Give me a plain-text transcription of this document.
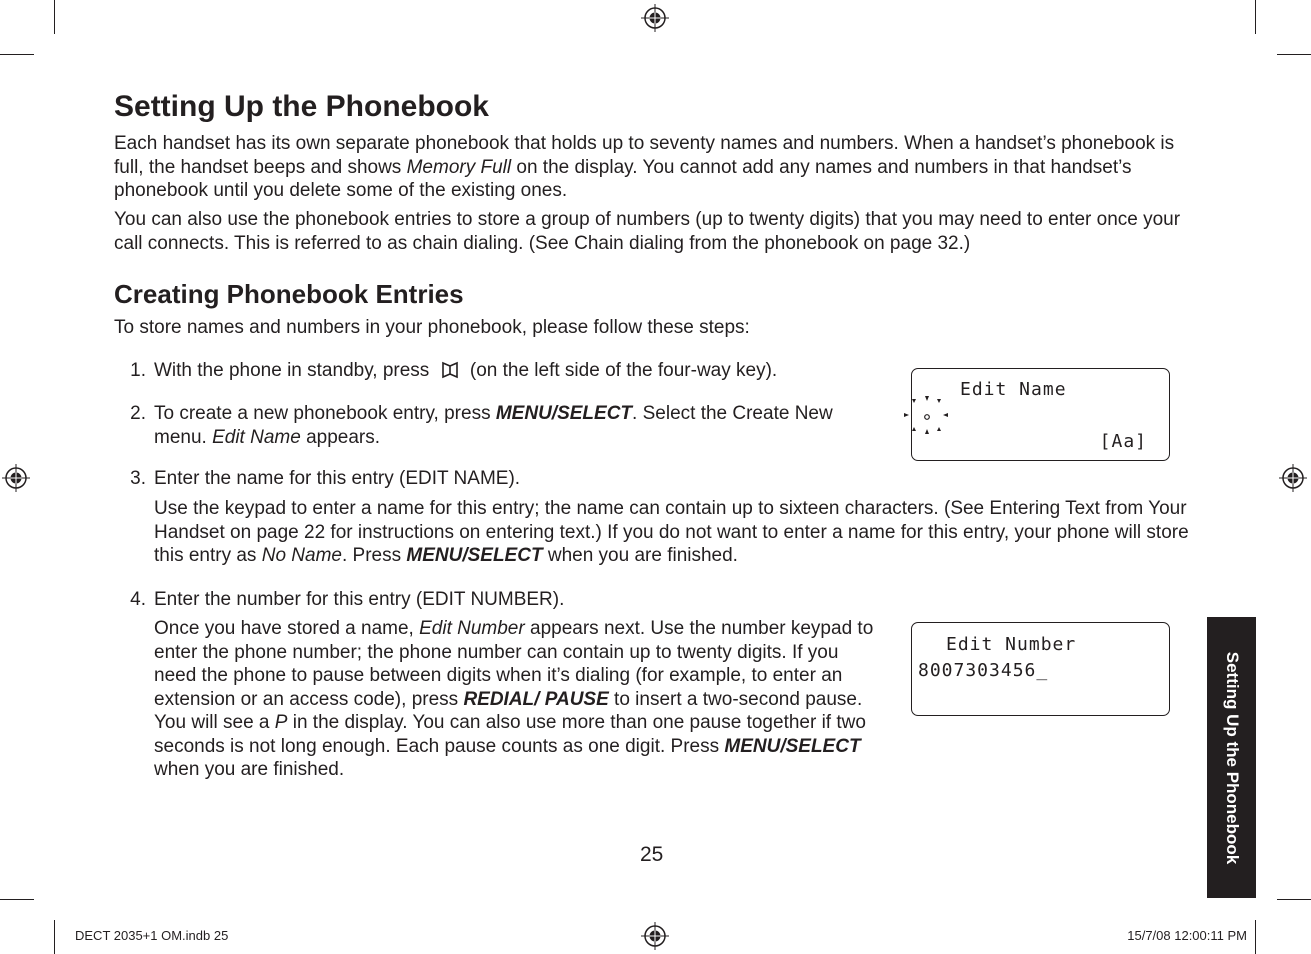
Setting Up the Phonebook

Each handset has its own separate phonebook that holds up to seventy names and numbers. When a handset’s phonebook is full, the handset beeps and shows Memory Full on the display. You cannot add any names and numbers in that handset’s phonebook until you delete some of the existing ones.

You can also use the phonebook entries to store a group of numbers (up to twenty digits) that you may need to enter once your call connects. This is referred to as chain dialing. (See Chain dialing from the phonebook on page 32.)

Creating Phonebook Entries

To store names and numbers in your phonebook, please follow these steps:

1. With the phone in standby, press (on the left side of the four-way key).

2. To create a new phonebook entry, press MENU/SELECT. Select the Create New menu. Edit Name appears.

Edit Name
[Aa]
3. Enter the name for this entry (EDIT NAME).

Use the keypad to enter a name for this entry; the name can contain up to sixteen characters. (See Entering Text from Your Handset on page 22 for instructions on entering text.) If you do not want to enter a name for this entry, your phone will store this entry as No Name. Press MENU/SELECT when you are finished.

4. Enter the number for this entry (EDIT NUMBER).

Once you have stored a name, Edit Number appears next. Use the number keypad to enter the phone number; the phone number can contain up to twenty digits. If you need the phone to pause between digits when it’s dialing (for example, to enter an extension or an access code), press REDIAL/ PAUSE to insert a two-second pause. You will see a P in the display. You can also use more than one pause together if two seconds is not long enough. Each pause counts as one digit. Press MENU/SELECT when you are finished.

Edit Number
8007303456_	Setting Up the Phonebook
25
DECT 2035+1 OM.indb 25	15/7/08 12:00:11 PM
